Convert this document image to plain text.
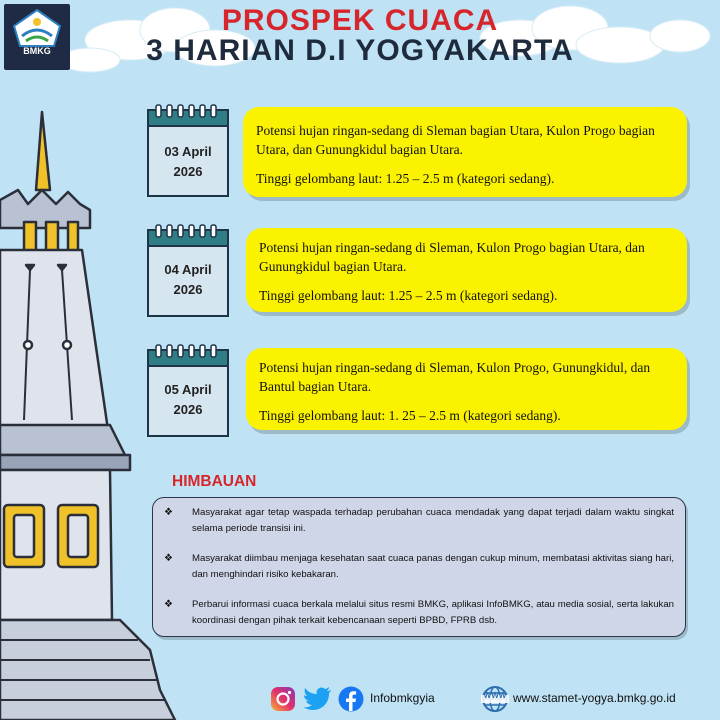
BMKG
PROSPEK CUACA
3 HARIAN D.I YOGYAKARTA
03 April
2026

Potensi hujan ringan-sedang di Sleman bagian Utara, Kulon Progo bagian Utara, dan Gunungkidul bagian Utara.

Tinggi gelombang laut: 1.25 – 2.5 m (kategori sedang).

04 April
2026

Potensi hujan ringan-sedang di Sleman, Kulon Progo bagian Utara, dan Gunungkidul bagian Utara.

Tinggi gelombang laut: 1.25 – 2.5 m (kategori sedang).

05 April
2026

Potensi hujan ringan-sedang di Sleman, Kulon Progo, Gunungkidul, dan Bantul bagian Utara.

Tinggi gelombang laut: 1. 25 – 2.5 m (kategori sedang).

HIMBAUAN
❖ Masyarakat agar tetap waspada terhadap perubahan cuaca mendadak yang dapat terjadi dalam waktu singkat selama periode transisi ini.
❖ Masyarakat diimbau menjaga kesehatan saat cuaca panas dengan cukup minum, membatasi aktivitas siang hari, dan menghindari risiko kebakaran.
❖ Perbarui informasi cuaca berkala melalui situs resmi BMKG, aplikasi InfoBMKG, atau media sosial, serta lakukan koordinasi dengan pihak terkait kebencanaan seperti BPBD, FPRB dsb.
Infobmkgyia	WWW www.stamet-yogya.bmkg.go.id
